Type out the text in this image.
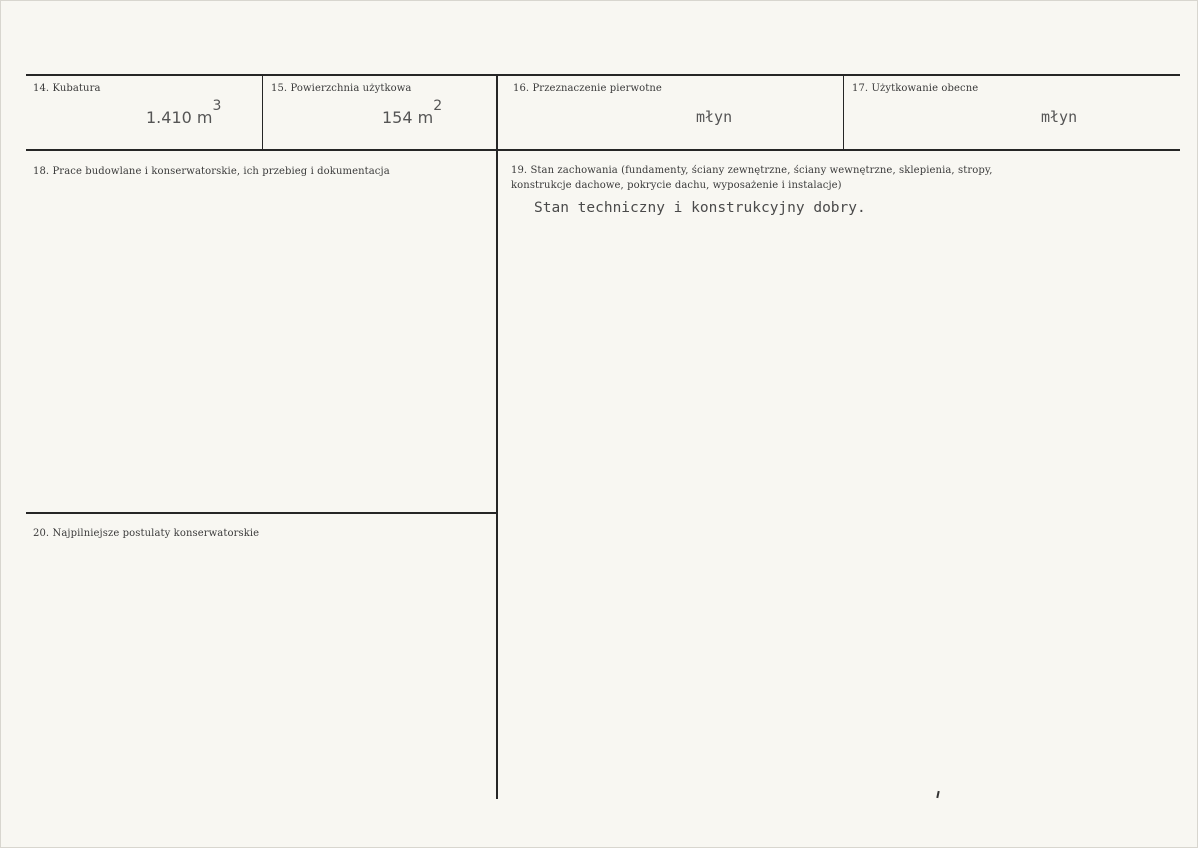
14. Kubatura
1.410 m3
15. Powierzchnia użytkowa
154 m2
16. Przeznaczenie pierwotne
młyn
17. Użytkowanie obecne
młyn
18. Prace budowlane i konserwatorskie, ich przebieg i dokumentacja	19. Stan zachowania (fundamenty, ściany zewnętrzne, ściany wewnętrzne, sklepienia, stropy,
konstrukcje dachowe, pokrycie dachu, wyposażenie i instalacje)
Stan techniczny i konstrukcyjny dobry.
20. Najpilniejsze postulaty konserwatorskie
